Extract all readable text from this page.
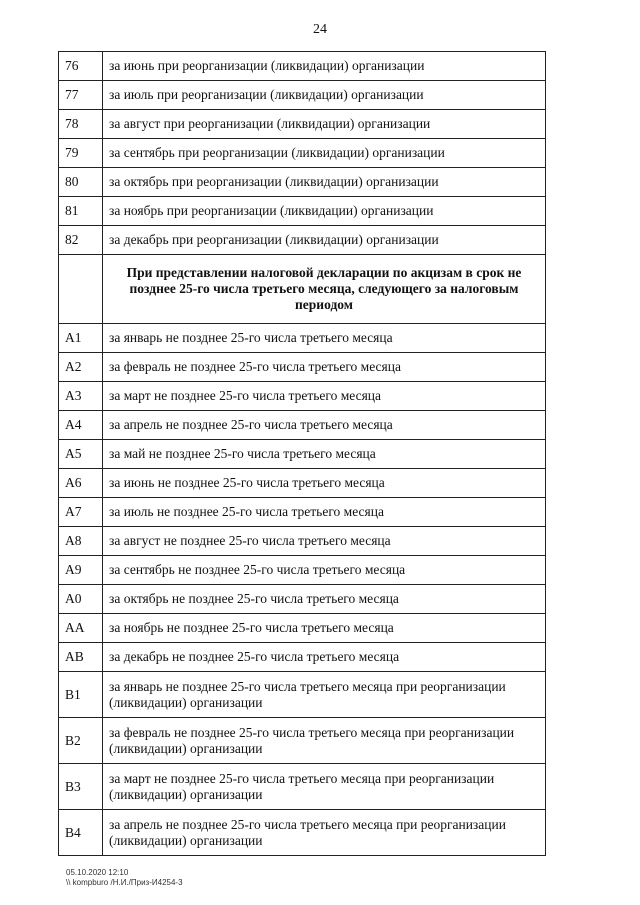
24
76	за июнь при реорганизации (ликвидации) организации
77	за июль при реорганизации (ликвидации) организации
78	за август при реорганизации (ликвидации) организации
79	за сентябрь при реорганизации (ликвидации) организации
80	за октябрь при реорганизации (ликвидации) организации
81	за ноябрь при реорганизации (ликвидации) организации
82	за декабрь при реорганизации (ликвидации) организации
	При представлении налоговой декларации по акцизам в срок не позднее 25-го числа третьего месяца, следующего за налоговым периодом
A1	за январь не позднее 25-го числа третьего месяца
A2	за февраль не позднее 25-го числа третьего месяца
A3	за март не позднее 25-го числа третьего месяца
A4	за апрель не позднее 25-го числа третьего месяца
A5	за май не позднее 25-го числа третьего месяца
A6	за июнь не позднее 25-го числа третьего месяца
A7	за июль не позднее 25-го числа третьего месяца
A8	за август не позднее 25-го числа третьего месяца
A9	за сентябрь не позднее 25-го числа третьего месяца
A0	за октябрь не позднее 25-го числа третьего месяца
AA	за ноябрь не позднее 25-го числа третьего месяца
AB	за декабрь не позднее 25-го числа третьего месяца
B1	за январь не позднее 25-го числа третьего месяца при реорганизации (ликвидации) организации
B2	за февраль не позднее 25-го числа третьего месяца при реорганизации (ликвидации) организации
B3	за март не позднее 25-го числа третьего месяца при реорганизации (ликвидации) организации
B4	за апрель не позднее 25-го числа третьего месяца при реорганизации (ликвидации) организации
05.10.2020 12:10
\\ kompburo /Н.И./Приз-И4254-3
